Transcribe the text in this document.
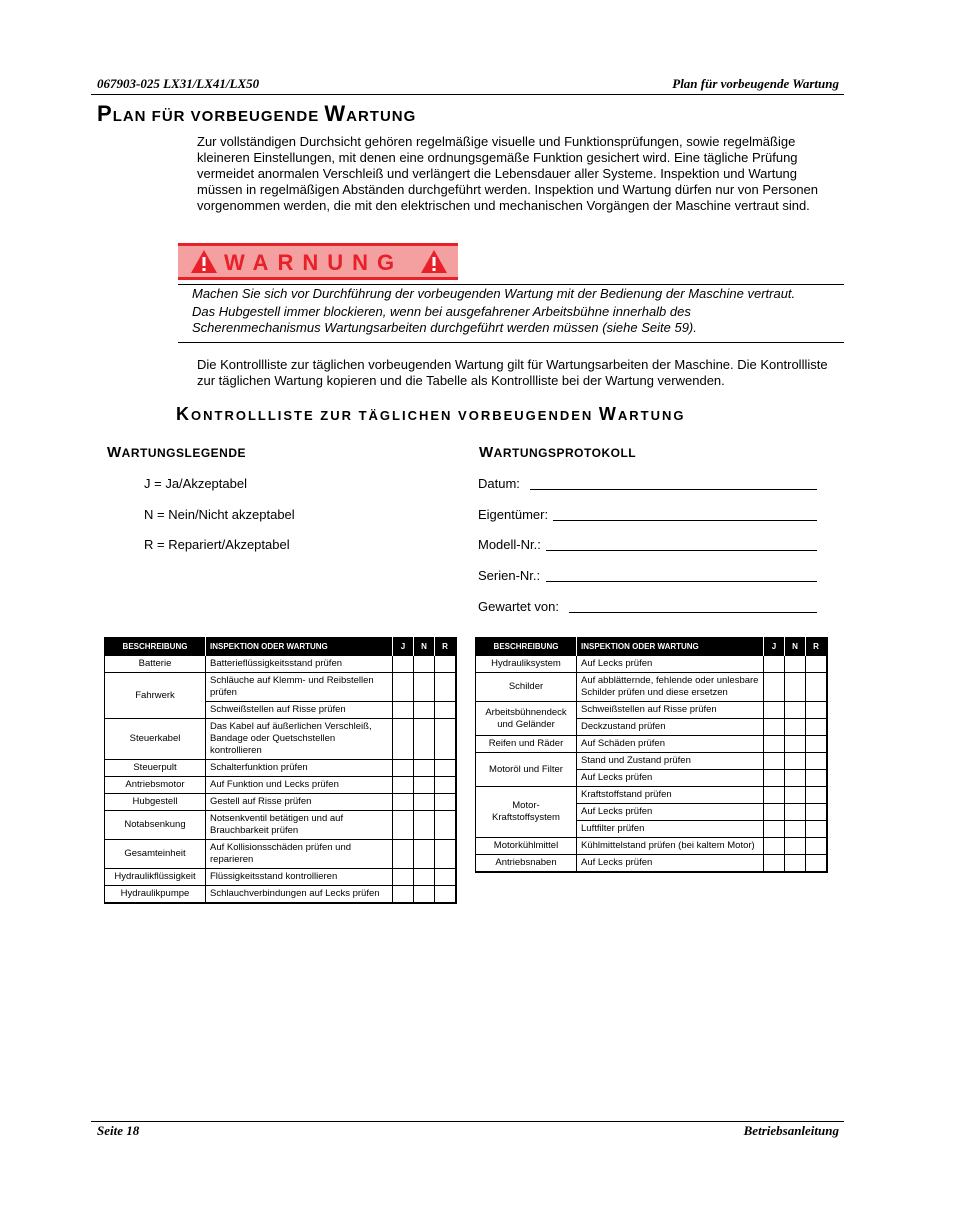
067903-025 LX31/LX41/LX50	Plan für vorbeugende Wartung
PLAN FÜR VORBEUGENDE WARTUNG
Zur vollständigen Durchsicht gehören regelmäßige visuelle und Funktionsprüfungen, sowie regelmäßige kleineren Einstellungen, mit denen eine ordnungsgemäße Funktion gesichert wird. Eine tägliche Prüfung vermeidet anormalen Verschleiß und verlängert die Lebensdauer aller Systeme. Inspektion und Wartung müssen in regelmäßigen Abständen durchgeführt werden. Inspektion und Wartung dürfen nur von Personen vorgenommen werden, die mit den elektrischen und mechanischen Vorgängen der Maschine vertraut sind.
WARNUNG
Machen Sie sich vor Durchführung der vorbeugenden Wartung mit der Bedienung der Maschine vertraut.
Das Hubgestell immer blockieren, wenn bei ausgefahrener Arbeitsbühne innerhalb des Scherenmechanismus Wartungsarbeiten durchgeführt werden müssen (siehe Seite 59).
Die Kontrollliste zur täglichen vorbeugenden Wartung gilt für Wartungsarbeiten der Maschine. Die Kontrollliste zur täglichen Wartung kopieren und die Tabelle als Kontrollliste bei der Wartung verwenden.
KONTROLLLISTE ZUR TÄGLICHEN VORBEUGENDEN WARTUNG
WARTUNGSLEGENDE
J = Ja/Akzeptabel
N = Nein/Nicht akzeptabel
R = Repariert/Akzeptabel
WARTUNGSPROTOKOLL
Datum:
Eigentümer:
Modell-Nr.:
Serien-Nr.:
Gewartet von:
BESCHREIBUNG	INSPEKTION ODER WARTUNG	J	N	R
Batterie	Batterieflüssigkeitsstand prüfen			
Fahrwerk	Schläuche auf Klemm- und Reibstellen prüfen			
	Schweißstellen auf Risse prüfen			
Steuerkabel	Das Kabel auf äußerlichen Verschleiß, Bandage oder Quetschstellen kontrollieren			
Steuerpult	Schalterfunktion prüfen			
Antriebsmotor	Auf Funktion und Lecks prüfen			
Hubgestell	Gestell auf Risse prüfen			
Notabsenkung	Notsenkventil betätigen und auf Brauchbarkeit prüfen			
Gesamteinheit	Auf Kollisionsschäden prüfen und reparieren			
Hydraulikflüssigkeit	Flüssigkeitsstand kontrollieren			
Hydraulikpumpe	Schlauchverbindungen auf Lecks prüfen			
BESCHREIBUNG	INSPEKTION ODER WARTUNG	J	N	R
Hydrauliksystem	Auf Lecks prüfen			
Schilder	Auf abblätternde, fehlende oder unlesbare Schilder prüfen und diese ersetzen			
Arbeitsbühnendeck und Geländer	Schweißstellen auf Risse prüfen			
	Deckzustand prüfen			
Reifen und Räder	Auf Schäden prüfen			
Motoröl und Filter	Stand und Zustand prüfen			
	Auf Lecks prüfen			
Motor-Kraftstoffsystem	Kraftstoffstand prüfen			
	Auf Lecks prüfen			
	Luftfilter prüfen			
Motorkühlmittel	Kühlmittelstand prüfen (bei kaltem Motor)			
Antriebsnaben	Auf Lecks prüfen			
Seite 18	Betriebsanleitung
